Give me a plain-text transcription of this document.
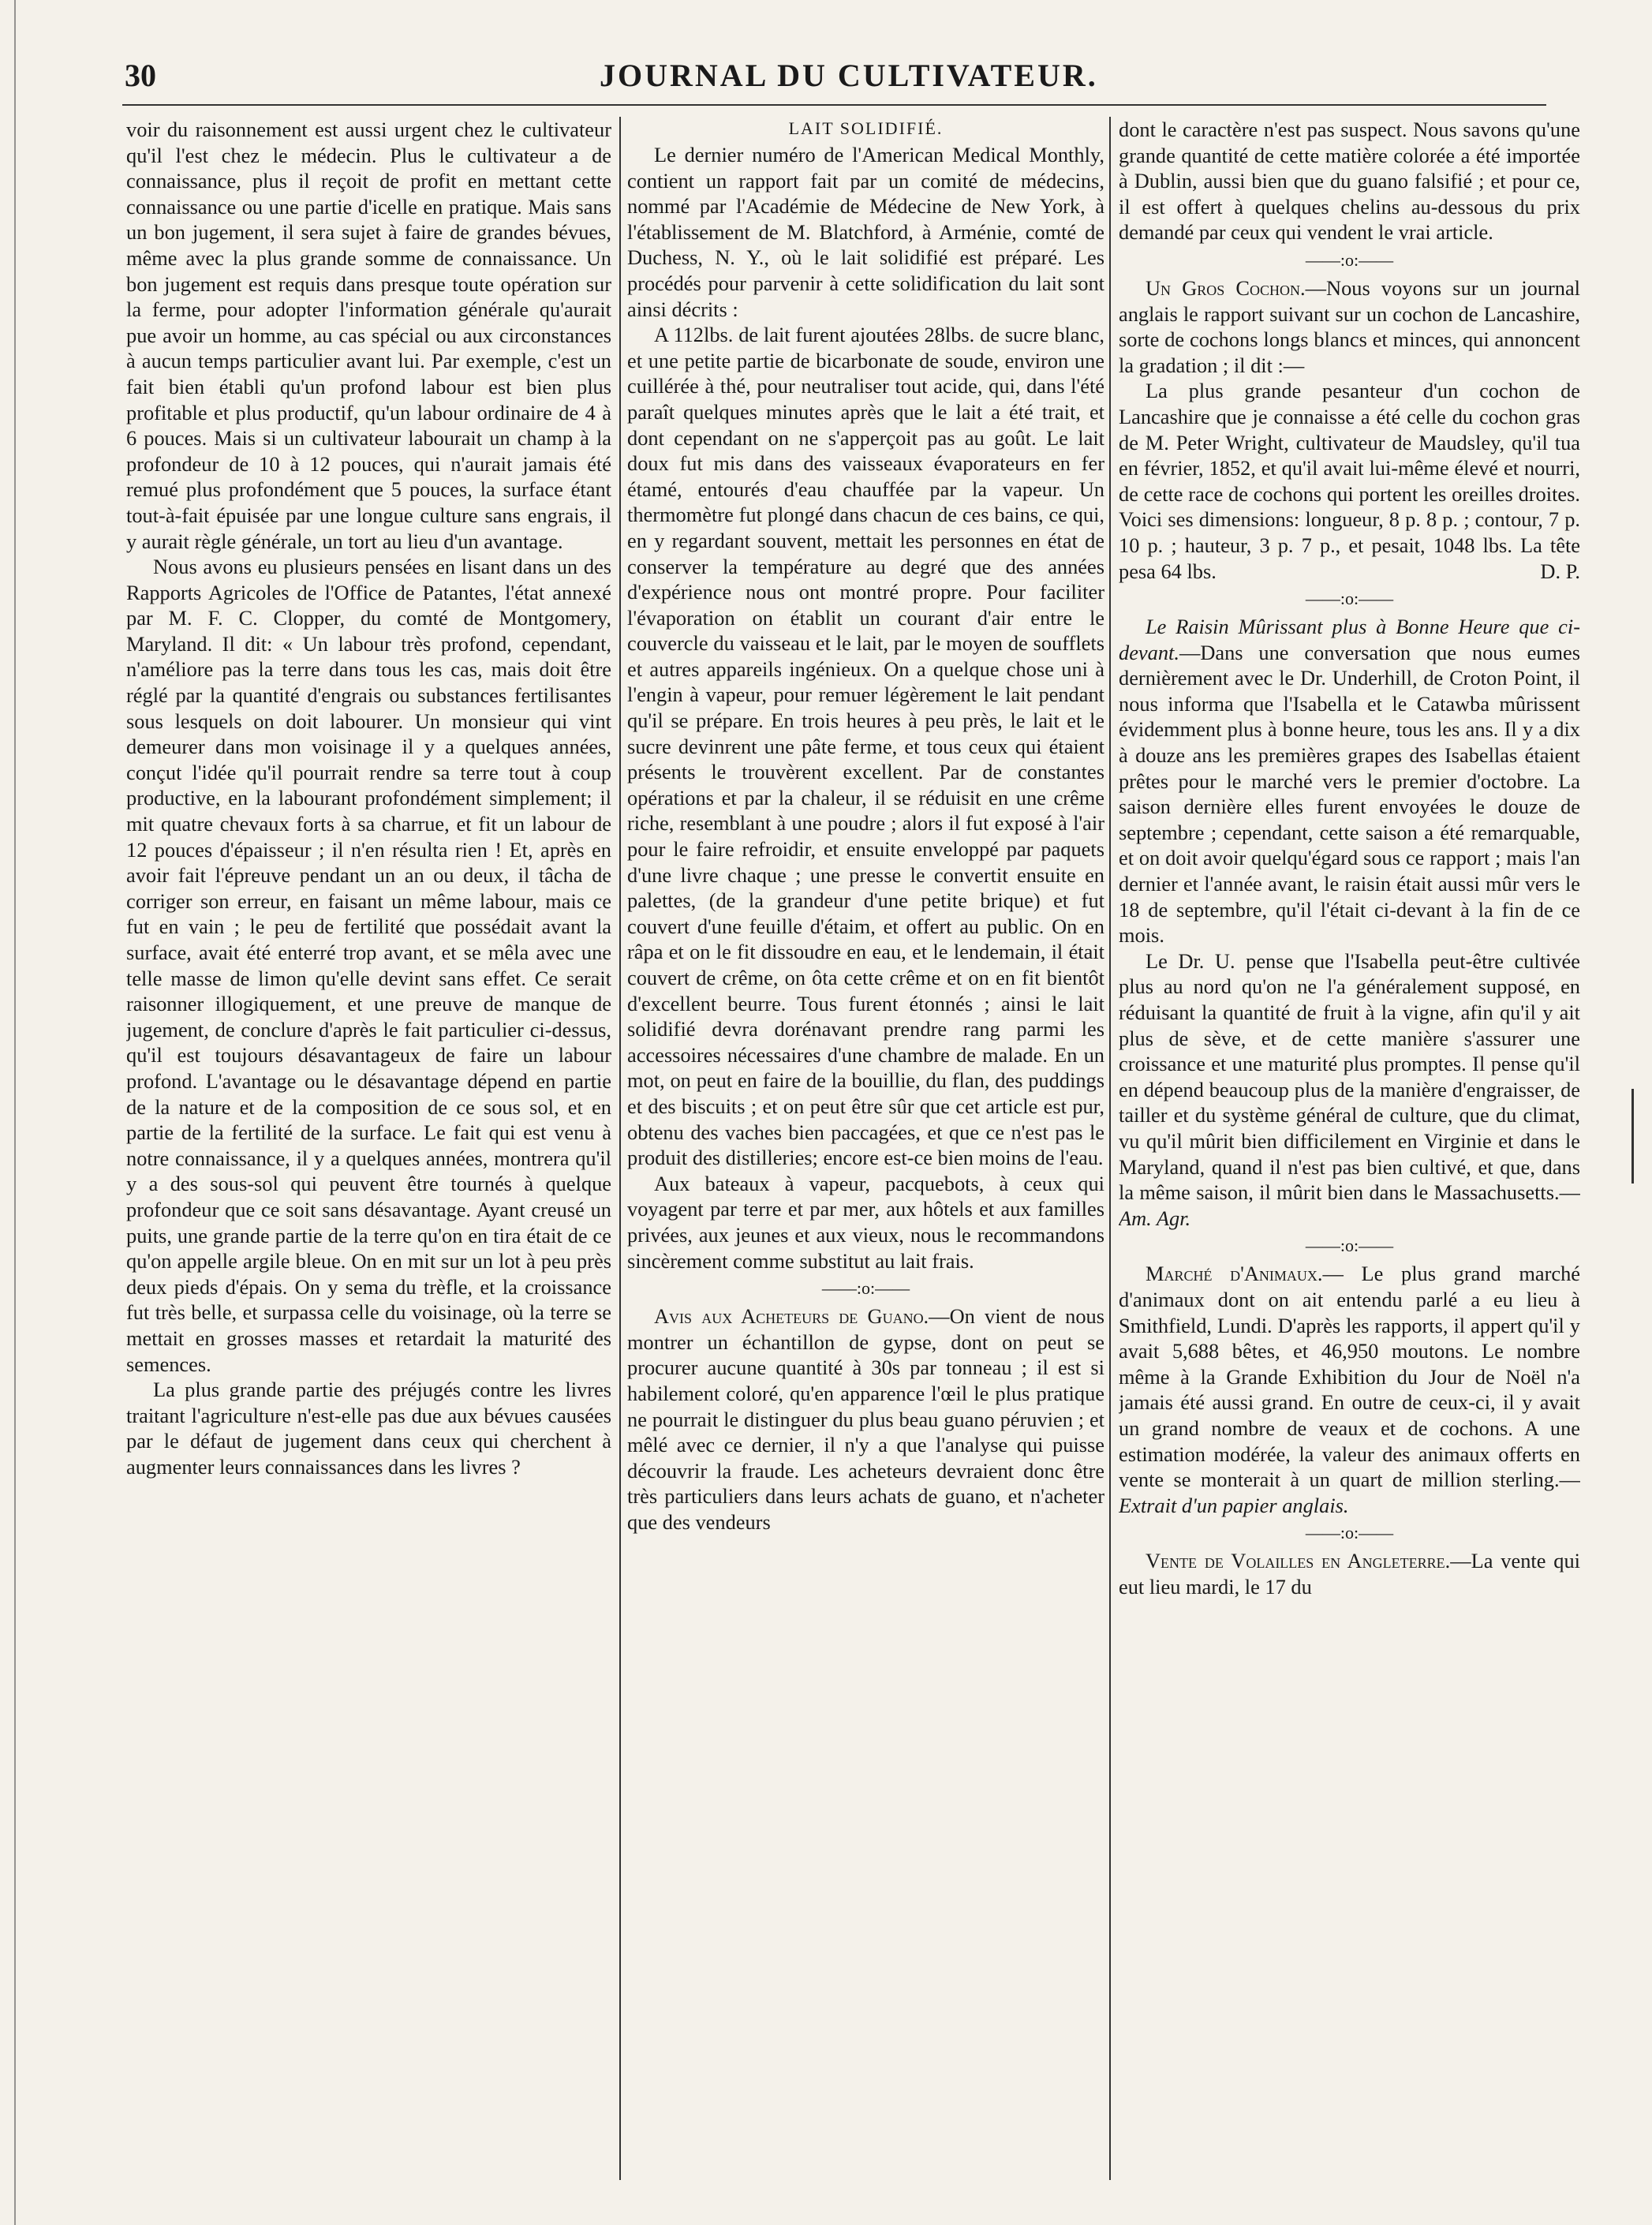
30	JOURNAL DU CULTIVATEUR.

voir du raisonnement est aussi urgent chez le cultivateur qu'il l'est chez le médecin. Plus le cultivateur a de connaissance, plus il reçoit de profit en mettant cette connaissance ou une partie d'icelle en pratique. Mais sans un bon jugement, il sera sujet à faire de grandes bévues, même avec la plus grande somme de connaissance. Un bon jugement est requis dans presque toute opération sur la ferme, pour adopter l'information générale qu'aurait pue avoir un homme, au cas spécial ou aux circonstances à aucun temps particulier avant lui. Par exemple, c'est un fait bien établi qu'un profond labour est bien plus profitable et plus productif, qu'un labour ordinaire de 4 à 6 pouces. Mais si un cultivateur labourait un champ à la profondeur de 10 à 12 pouces, qui n'aurait jamais été remué plus profondément que 5 pouces, la surface étant tout-à-fait épuisée par une longue culture sans engrais, il y aurait règle générale, un tort au lieu d'un avantage.

Nous avons eu plusieurs pensées en lisant dans un des Rapports Agricoles de l'Office de Patantes, l'état annexé par M. F. C. Clopper, du comté de Montgomery, Maryland. Il dit: « Un labour très profond, cependant, n'améliore pas la terre dans tous les cas, mais doit être réglé par la quantité d'engrais ou substances fertilisantes sous lesquels on doit labourer. Un monsieur qui vint demeurer dans mon voisinage il y a quelques années, conçut l'idée qu'il pourrait rendre sa terre tout à coup productive, en la labourant profondément simplement; il mit quatre chevaux forts à sa charrue, et fit un labour de 12 pouces d'épaisseur ; il n'en résulta rien ! Et, après en avoir fait l'épreuve pendant un an ou deux, il tâcha de corriger son erreur, en faisant un même labour, mais ce fut en vain ; le peu de fertilité que possédait avant la surface, avait été enterré trop avant, et se mêla avec une telle masse de limon qu'elle devint sans effet. Ce serait raisonner illogiquement, et une preuve de manque de jugement, de conclure d'après le fait particulier ci-dessus, qu'il est toujours désavantageux de faire un labour profond. L'avantage ou le désavantage dépend en partie de la nature et de la composition de ce sous sol, et en partie de la fertilité de la surface. Le fait qui est venu à notre connaissance, il y a quelques années, montrera qu'il y a des sous-sol qui peuvent être tournés à quelque profondeur que ce soit sans désavantage. Ayant creusé un puits, une grande partie de la terre qu'on en tira était de ce qu'on appelle argile bleue. On en mit sur un lot à peu près deux pieds d'épais. On y sema du trèfle, et la croissance fut très belle, et surpassa celle du voisinage, où la terre se mettait en grosses masses et retardait la maturité des semences.

La plus grande partie des préjugés contre les livres traitant l'agriculture n'est-elle pas due aux bévues causées par le défaut de jugement dans ceux qui cherchent à augmenter leurs connaissances dans les livres ?

LAIT SOLIDIFIÉ.

Le dernier numéro de l'American Medical Monthly, contient un rapport fait par un comité de médecins, nommé par l'Académie de Médecine de New York, à l'établissement de M. Blatchford, à Arménie, comté de Duchess, N. Y., où le lait solidifié est préparé. Les procédés pour parvenir à cette solidification du lait sont ainsi décrits :

A 112lbs. de lait furent ajoutées 28lbs. de sucre blanc, et une petite partie de bicarbonate de soude, environ une cuillérée à thé, pour neutraliser tout acide, qui, dans l'été paraît quelques minutes après que le lait a été trait, et dont cependant on ne s'apperçoit pas au goût. Le lait doux fut mis dans des vaisseaux évaporateurs en fer étamé, entourés d'eau chauffée par la vapeur. Un thermomètre fut plongé dans chacun de ces bains, ce qui, en y regardant souvent, mettait les personnes en état de conserver la température au degré que des années d'expérience nous ont montré propre. Pour faciliter l'évaporation on établit un courant d'air entre le couvercle du vaisseau et le lait, par le moyen de soufflets et autres appareils ingénieux. On a quelque chose uni à l'engin à vapeur, pour remuer légèrement le lait pendant qu'il se prépare. En trois heures à peu près, le lait et le sucre devinrent une pâte ferme, et tous ceux qui étaient présents le trouvèrent excellent. Par de constantes opérations et par la chaleur, il se réduisit en une crême riche, resemblant à une poudre ; alors il fut exposé à l'air pour le faire refroidir, et ensuite enveloppé par paquets d'une livre chaque ; une presse le convertit ensuite en palettes, (de la grandeur d'une petite brique) et fut couvert d'une feuille d'étaim, et offert au public. On en râpa et on le fit dissoudre en eau, et le lendemain, il était couvert de crême, on ôta cette crême et on en fit bientôt d'excellent beurre. Tous furent étonnés ; ainsi le lait solidifié devra dorénavant prendre rang parmi les accessoires nécessaires d'une chambre de malade. En un mot, on peut en faire de la bouillie, du flan, des puddings et des biscuits ; et on peut être sûr que cet article est pur, obtenu des vaches bien paccagées, et que ce n'est pas le produit des distilleries; encore est-ce bien moins de l'eau.

Aux bateaux à vapeur, pacquebots, à ceux qui voyagent par terre et par mer, aux hôtels et aux familles privées, aux jeunes et aux vieux, nous le recommandons sincèrement comme substitut au lait frais.

——:o:——

Avis aux Acheteurs de Guano.—On vient de nous montrer un échantillon de gypse, dont on peut se procurer aucune quantité à 30s par tonneau ; il est si habilement coloré, qu'en apparence l'œil le plus pratique ne pourrait le distinguer du plus beau guano péruvien ; et mêlé avec ce dernier, il n'y a que l'analyse qui puisse découvrir la fraude. Les acheteurs devraient donc être très particuliers dans leurs achats de guano, et n'acheter que des vendeurs

dont le caractère n'est pas suspect. Nous savons qu'une grande quantité de cette matière colorée a été importée à Dublin, aussi bien que du guano falsifié ; et pour ce, il est offert à quelques chelins au-dessous du prix demandé par ceux qui vendent le vrai article.

——:o:——

Un Gros Cochon.—Nous voyons sur un journal anglais le rapport suivant sur un cochon de Lancashire, sorte de cochons longs blancs et minces, qui annoncent la gradation ; il dit :—

La plus grande pesanteur d'un cochon de Lancashire que je connaisse a été celle du cochon gras de M. Peter Wright, cultivateur de Maudsley, qu'il tua en février, 1852, et qu'il avait lui-même élevé et nourri, de cette race de cochons qui portent les oreilles droites. Voici ses dimensions: longueur, 8 p. 8 p. ; contour, 7 p. 10 p. ; hauteur, 3 p. 7 p., et pesait, 1048 lbs. La tête pesa 64 lbs.	D. P.

——:o:——

Le Raisin Mûrissant plus à Bonne Heure que ci-devant.—Dans une conversation que nous eumes dernièrement avec le Dr. Underhill, de Croton Point, il nous informa que l'Isabella et le Catawba mûrissent évidemment plus à bonne heure, tous les ans. Il y a dix à douze ans les premières grapes des Isabellas étaient prêtes pour le marché vers le premier d'octobre. La saison dernière elles furent envoyées le douze de septembre ; cependant, cette saison a été remarquable, et on doit avoir quelqu'égard sous ce rapport ; mais l'an dernier et l'année avant, le raisin était aussi mûr vers le 18 de septembre, qu'il l'était ci-devant à la fin de ce mois.

Le Dr. U. pense que l'Isabella peut-être cultivée plus au nord qu'on ne l'a généralement supposé, en réduisant la quantité de fruit à la vigne, afin qu'il y ait plus de sève, et de cette manière s'assurer une croissance et une maturité plus promptes. Il pense qu'il en dépend beaucoup plus de la manière d'engraisser, de tailler et du système général de culture, que du climat, vu qu'il mûrit bien difficilement en Virginie et dans le Maryland, quand il n'est pas bien cultivé, et que, dans la même saison, il mûrit bien dans le Massachusetts.—Am. Agr.

——:o:——

Marché d'Animaux.— Le plus grand marché d'animaux dont on ait entendu parlé a eu lieu à Smithfield, Lundi. D'après les rapports, il appert qu'il y avait 5,688 bêtes, et 46,950 moutons. Le nombre même à la Grande Exhibition du Jour de Noël n'a jamais été aussi grand. En outre de ceux-ci, il y avait un grand nombre de veaux et de cochons. A une estimation modérée, la valeur des animaux offerts en vente se monterait à un quart de million sterling.—Extrait d'un papier anglais.

——:o:——

Vente de Volailles en Angleterre.—La vente qui eut lieu mardi, le 17 du
